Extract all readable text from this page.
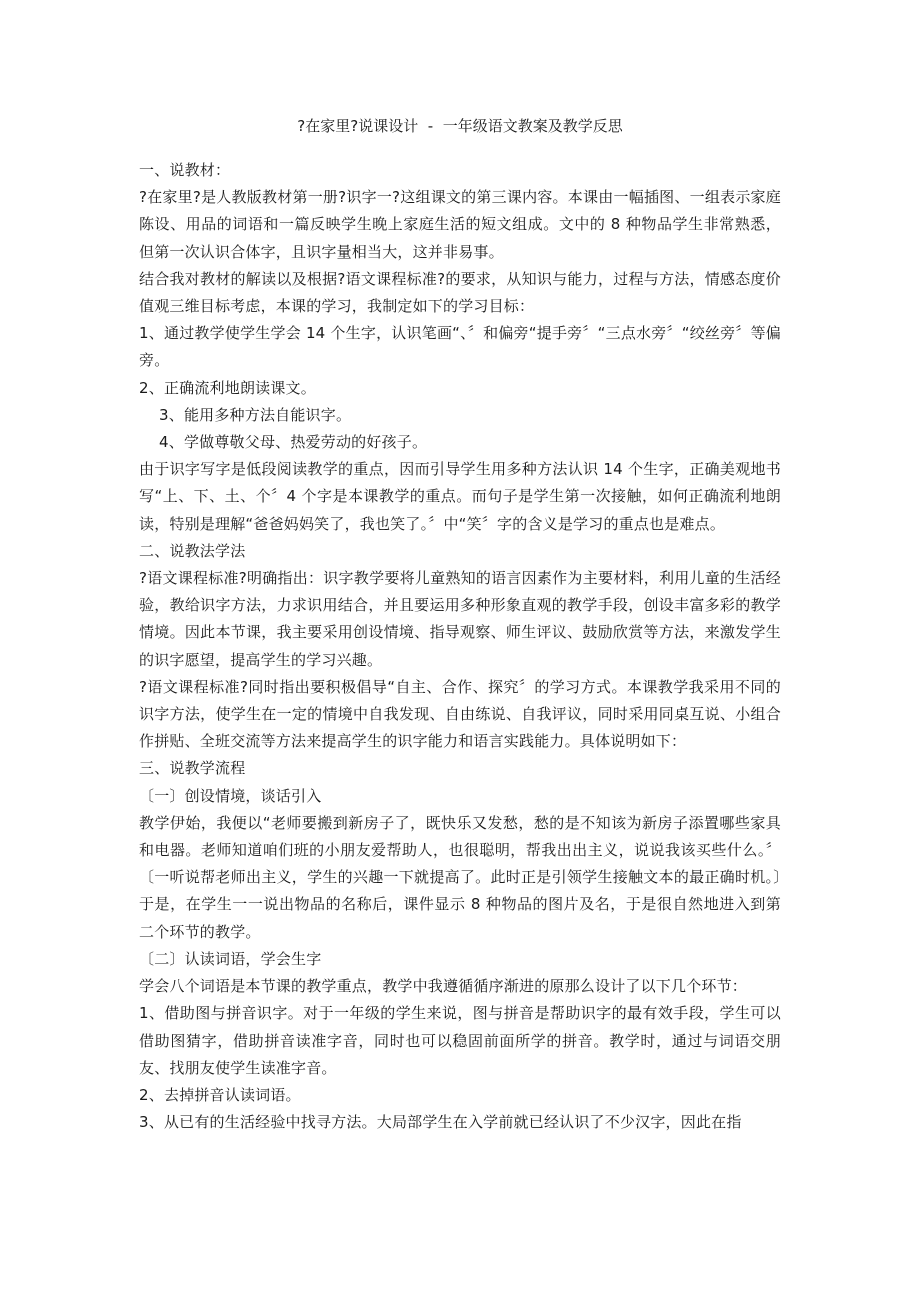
?在家里?说课设计  -  一年级语文教案及教学反思

一、说教材：

?在家里?是人教版教材第一册?识字一?这组课文的第三课内容。本课由一幅插图、一组表示家庭陈设、用品的词语和一篇反映学生晚上家庭生活的短文组成。文中的 8 种物品学生非常熟悉，但第一次认识合体字，且识字量相当大，这并非易事。

结合我对教材的解读以及根据?语文课程标准?的要求，从知识与能力，过程与方法，情感态度价值观三维目标考虑，本课的学习，我制定如下的学习目标：

1、通过教学使学生学会 14 个生字，认识笔画“、〞和偏旁“提手旁〞“三点水旁〞“绞丝旁〞等偏旁。

2、正确流利地朗读课文。

3、能用多种方法自能识字。

4、学做尊敬父母、热爱劳动的好孩子。

由于识字写字是低段阅读教学的重点，因而引导学生用多种方法认识 14 个生字，正确美观地书写“上、下、土、个〞4 个字是本课教学的重点。而句子是学生第一次接触，如何正确流利地朗读，特别是理解“爸爸妈妈笑了，我也笑了。〞中“笑〞字的含义是学习的重点也是难点。

二、说教法学法

?语文课程标准?明确指出：识字教学要将儿童熟知的语言因素作为主要材料，利用儿童的生活经验，教给识字方法，力求识用结合，并且要运用多种形象直观的教学手段，创设丰富多彩的教学情境。因此本节课，我主要采用创设情境、指导观察、师生评议、鼓励欣赏等方法，来激发学生的识字愿望，提高学生的学习兴趣。

?语文课程标准?同时指出要积极倡导“自主、合作、探究〞的学习方式。本课教学我采用不同的识字方法，使学生在一定的情境中自我发现、自由练说、自我评议，同时采用同桌互说、小组合作拼贴、全班交流等方法来提高学生的识字能力和语言实践能力。具体说明如下：

三、说教学流程

〔一〕创设情境，谈话引入

教学伊始，我便以“老师要搬到新房子了，既快乐又发愁，愁的是不知该为新房子添置哪些家具和电器。老师知道咱们班的小朋友爱帮助人，也很聪明，帮我出出主义，说说我该买些什么。〞〔一听说帮老师出主义，学生的兴趣一下就提高了。此时正是引领学生接触文本的最正确时机。〕于是，在学生一一说出物品的名称后，课件显示 8 种物品的图片及名，于是很自然地进入到第二个环节的教学。

〔二〕认读词语，学会生字

学会八个词语是本节课的教学重点，教学中我遵循循序渐进的原那么设计了以下几个环节：

1、借助图与拼音识字。对于一年级的学生来说，图与拼音是帮助识字的最有效手段，学生可以借助图猜字，借助拼音读准字音，同时也可以稳固前面所学的拼音。教学时，通过与词语交朋友、找朋友使学生读准字音。

2、去掉拼音认读词语。

3、从已有的生活经验中找寻方法。大局部学生在入学前就已经认识了不少汉字，因此在指
